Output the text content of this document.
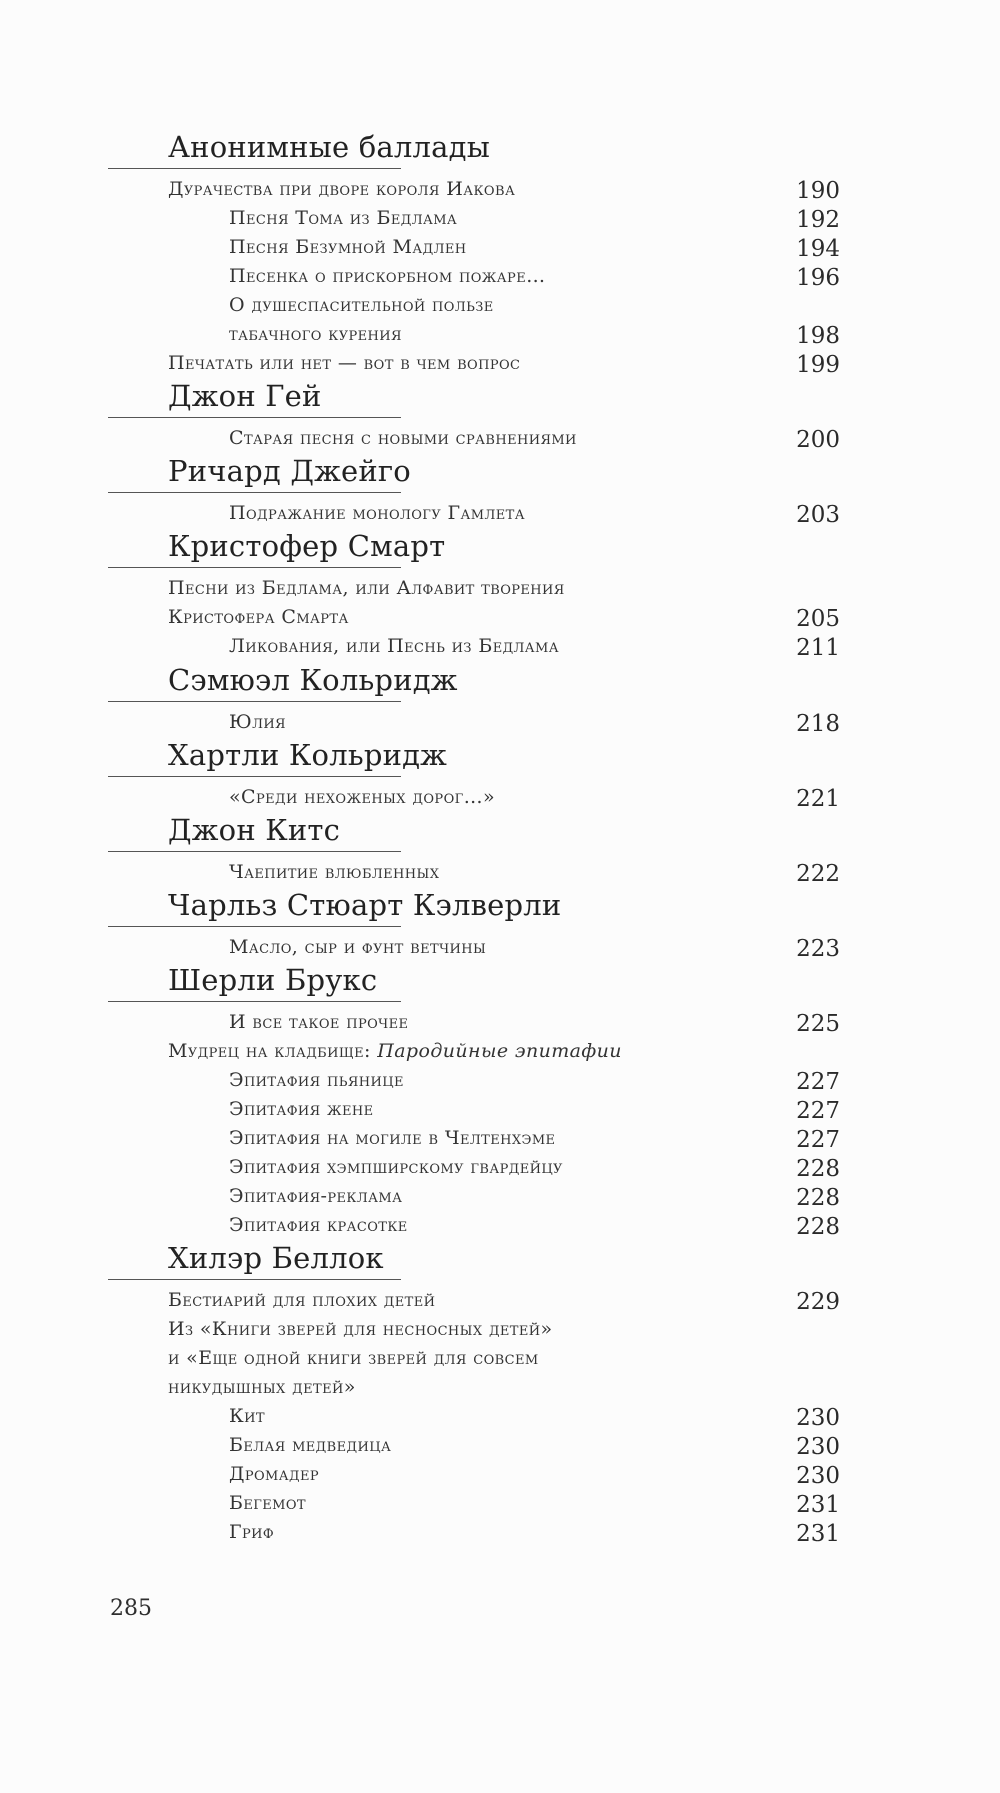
Анонимные баллады
Дурачества при дворе короля Иакова	190
Песня Тома из Бедлама	192
Песня Безумной Мадлен	194
Песенка о прискорбном пожаре…	196
О душеспасительной пользе
табачного курения	198
Печатать или нет — вот в чем вопрос	199
Джон Гей
Старая песня с новыми сравнениями	200
Ричард Джейго
Подражание монологу Гамлета	203
Кристофер Смарт
Песни из Бедлама, или Алфавит творения
Кристофера Смарта	205
Ликования, или Песнь из Бедлама	211
Сэмюэл Кольридж
Юлия	218
Хартли Кольридж
«Среди нехоженых дорог…»	221
Джон Китс
Чаепитие влюбленных	222
Чарльз Стюарт Кэлверли
Масло, сыр и фунт ветчины	223
Шерли Брукс
И все такое прочее	225
Мудрец на кладбище: Пародийные эпитафии
Эпитафия пьянице	227
Эпитафия жене	227
Эпитафия на могиле в Челтенхэме	227
Эпитафия хэмпширскому гвардейцу	228
Эпитафия-реклама	228
Эпитафия красотке	228
Хилэр Беллок
Бестиарий для плохих детей	229
Из «Книги зверей для несносных детей»
и «Еще одной книги зверей для совсем
никудышных детей»
Кит	230
Белая медведица	230
Дромадер	230
Бегемот	231
Гриф	231
285
